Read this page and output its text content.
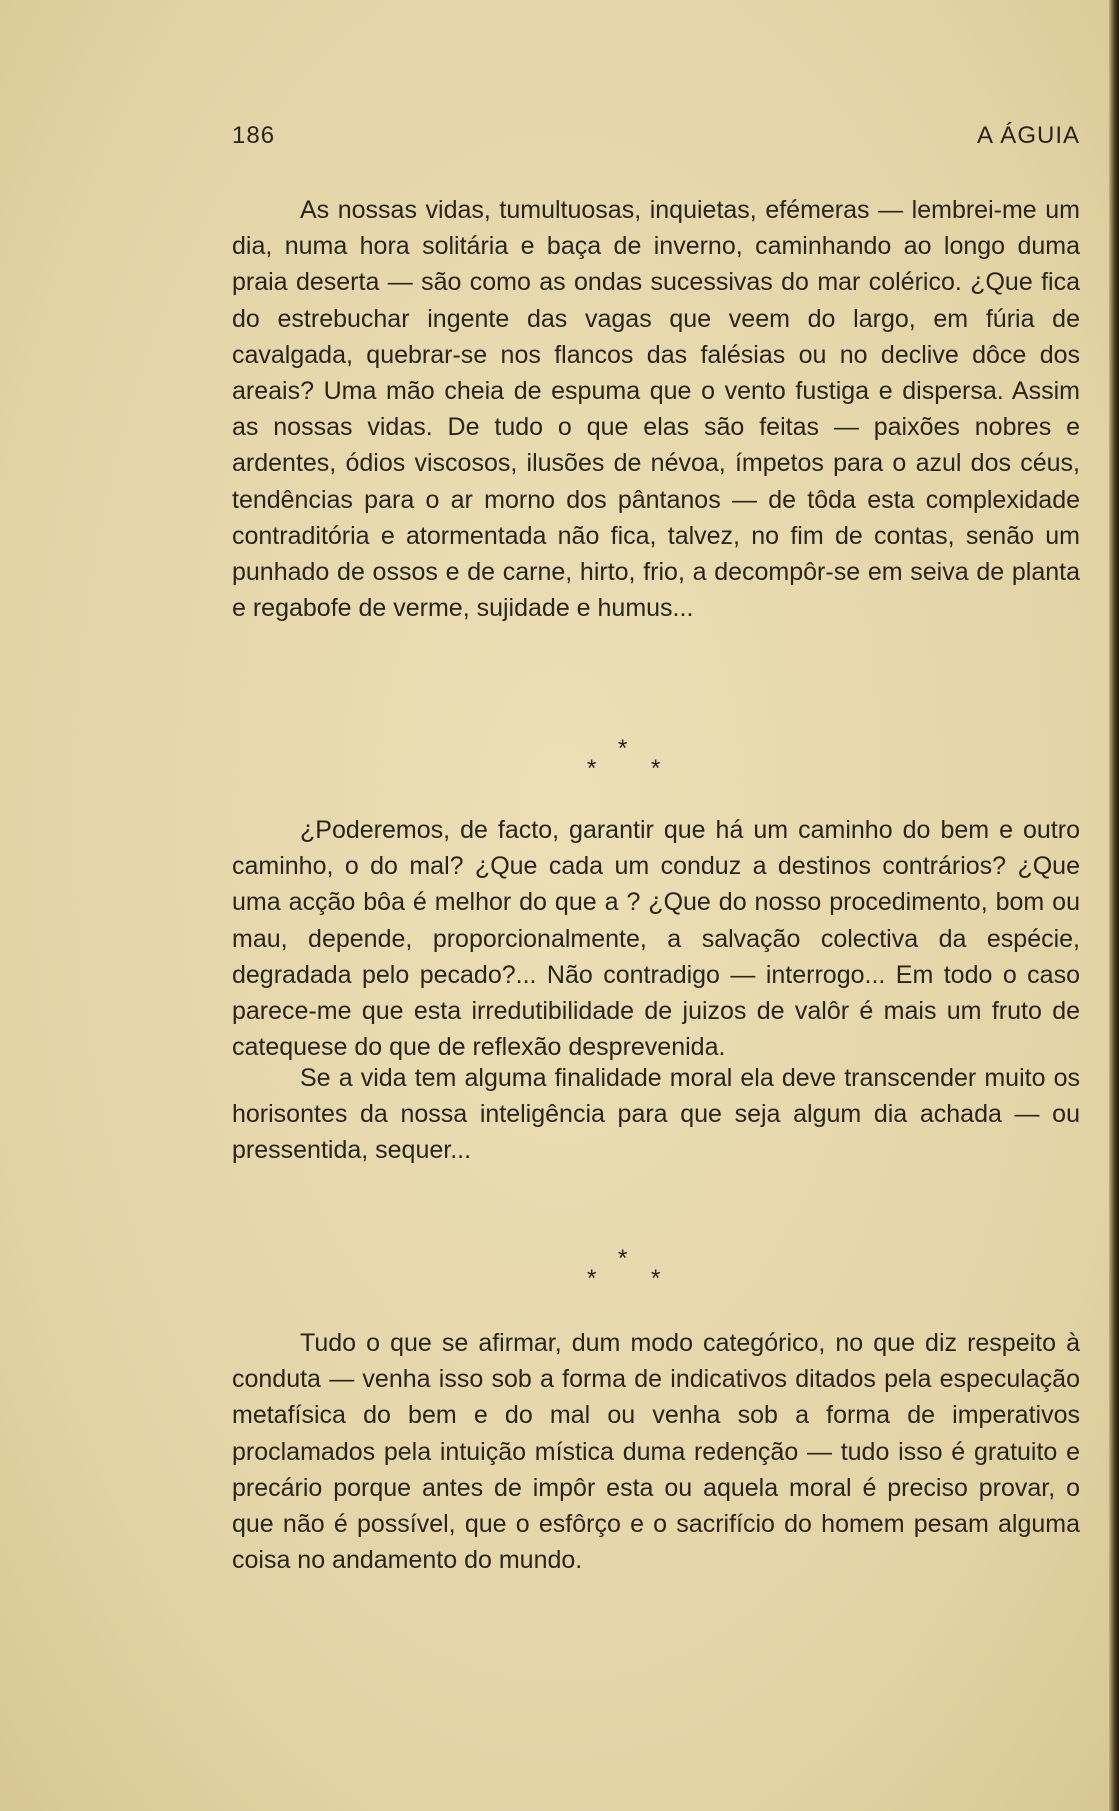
186	A ÁGUIA

As nossas vidas, tumultuosas, inquietas, efémeras — lembrei-me um dia, numa hora solitária e baça de inverno, caminhando ao longo duma praia deserta — são como as ondas sucessivas do mar colérico. ¿Que fica do estrebuchar ingente das vagas que veem do largo, em fúria de cavalgada, quebrar-se nos flancos das falésias ou no declive dôce dos areais? Uma mão cheia de espuma que o vento fustiga e dispersa. Assim as nossas vidas. De tudo o que elas são feitas — paixões nobres e ardentes, ódios viscosos, ilusões de névoa, ímpetos para o azul dos céus, tendências para o ar morno dos pântanos — de tôda esta complexidade contraditória e atormentada não fica, talvez, no fim de contas, senão um punhado de ossos e de carne, hirto, frio, a decompôr-se em seiva de planta e regabofe de verme, sujidade e humus...

*
* *

¿Poderemos, de facto, garantir que há um caminho do bem e outro caminho, o do mal? ¿Que cada um conduz a destinos contrários? ¿Que uma acção bôa é melhor do que a ? ¿Que do nosso procedimento, bom ou mau, depende, proporcionalmente, a salvação colectiva da espécie, degradada pelo pecado?... Não contradigo — interrogo... Em todo o caso parece-me que esta irredutibilidade de juizos de valôr é mais um fruto de catequese do que de reflexão desprevenida.

Se a vida tem alguma finalidade moral ela deve transcender muito os horisontes da nossa inteligência para que seja algum dia achada — ou pressentida, sequer...

*
* *

Tudo o que se afirmar, dum modo categórico, no que diz respeito à conduta — venha isso sob a forma de indicativos ditados pela especulação metafísica do bem e do mal ou venha sob a forma de imperativos proclamados pela intuição mística duma redenção — tudo isso é gratuito e precário porque antes de impôr esta ou aquela moral é preciso provar, o que não é possível, que o esfôrço e o sacrifício do homem pesam alguma coisa no andamento do mundo.
